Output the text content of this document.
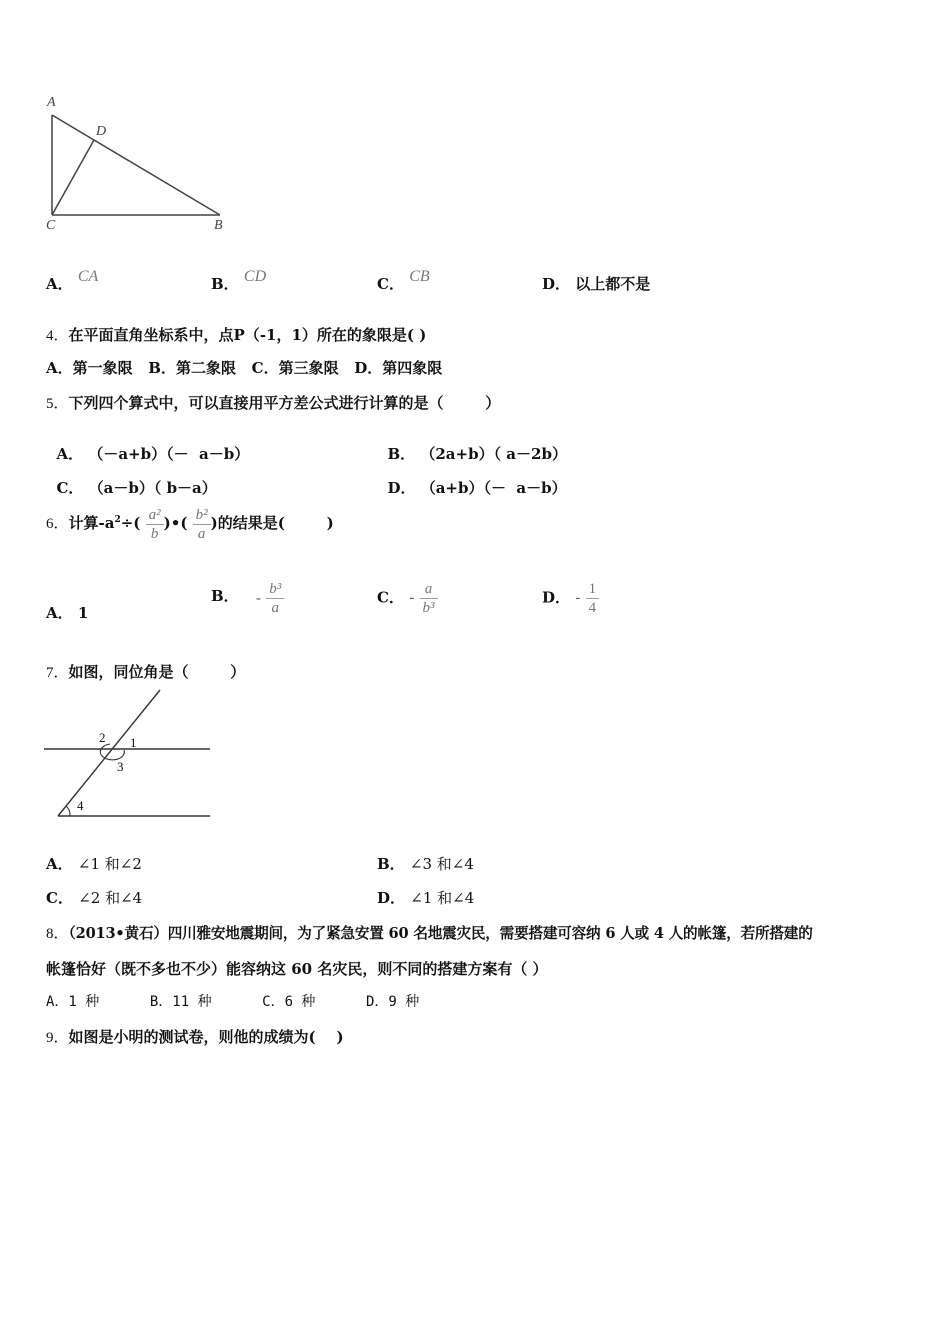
A
D
C	B
A． CA	B． CD	C． CB	D． 以上都不是
4．在平面直角坐标系中，点P（-1，1）所在的象限是( )
A．第一象限   B．第二象限   C．第三象限   D．第四象限
5．下列四个算式中，可以直接用平方差公式进行计算的是（        ）

A． （－a+b）（－  a－b）	B． （2a+b）（ a－2b）

C． （a－b）（ b－a）	D． （a+b）（－  a－b）

6．计算$-a^2\div( \frac{\text{a²}}{b}$ )•( $\frac{\text{b²}}{a}$ )的结果是(        )
A． 1
B． - $\frac{\text{b³}}{a}$	C． - $\frac{a}{\text{b³}}$	D． - $\frac{1}{4}$
7．如图，同位角是（        ）
2 1
3
4
A． ∠1 和∠2	B． ∠3 和∠4
C． ∠2 和∠4	D． ∠1 和∠4
8．（2013•黄石）四川雅安地震期间，为了紧急安置 60 名地震灾民，需要搭建可容纳 6 人或 4 人的帐篷，若所搭建的
帐篷恰好（既不多也不少）能容纳这 60 名灾民，则不同的搭建方案有（ ）
A．1 种      B．11 种      C．6 种      D．9 种
9．如图是小明的测试卷，则他的成绩为(    )
